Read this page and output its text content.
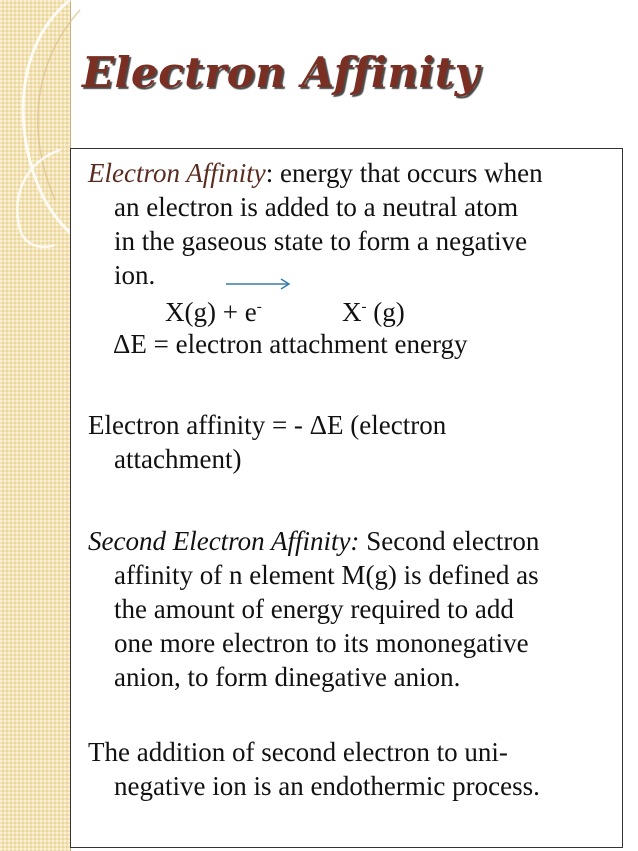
Electron Affinity

Electron Affinity: energy that occurs when
an electron is added to a neutral atom
in the gaseous state to form a negative
ion.

X(g) + e-	X- (g)
ΔE = electron attachment energy

Electron affinity = - ΔE (electron
attachment)

Second Electron Affinity: Second electron
affinity of n element M(g) is defined as
the amount of energy required to add
one more electron to its mononegative
anion, to form dinegative anion.

The addition of second electron to uni-
negative ion is an endothermic process.
